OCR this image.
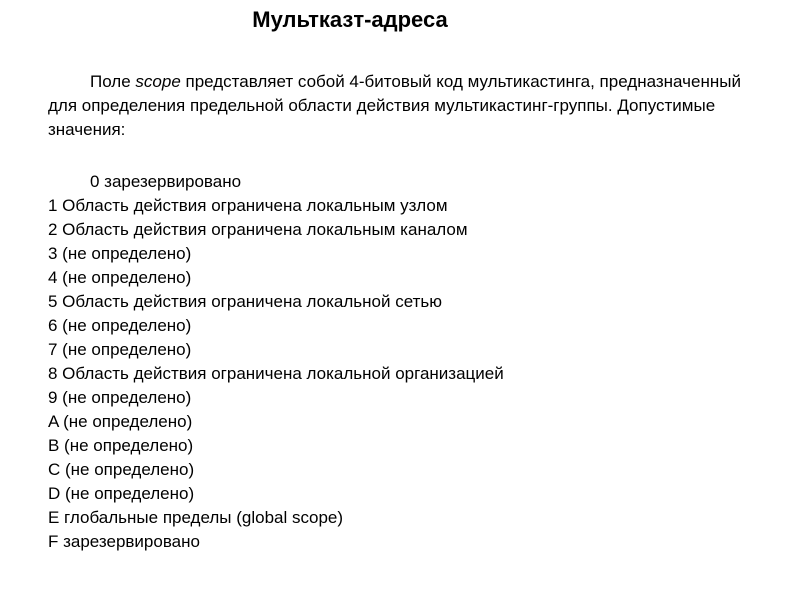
Мультказт-адреса
Поле scope представляет собой 4-битовый код мультикастинга, предназначенный для определения предельной области действия мультикастинг-группы. Допустимые значения:
0 зарезервировано
1 Область действия ограничена локальным узлом
2 Область действия ограничена локальным каналом
3 (не определено)
4 (не определено)
5 Область действия ограничена локальной сетью
6 (не определено)
7 (не определено)
8 Область действия ограничена локальной организацией
9 (не определено)
A (не определено)
B (не определено)
C (не определено)
D (не определено)
E глобальные пределы (global scope)
F зарезервировано
